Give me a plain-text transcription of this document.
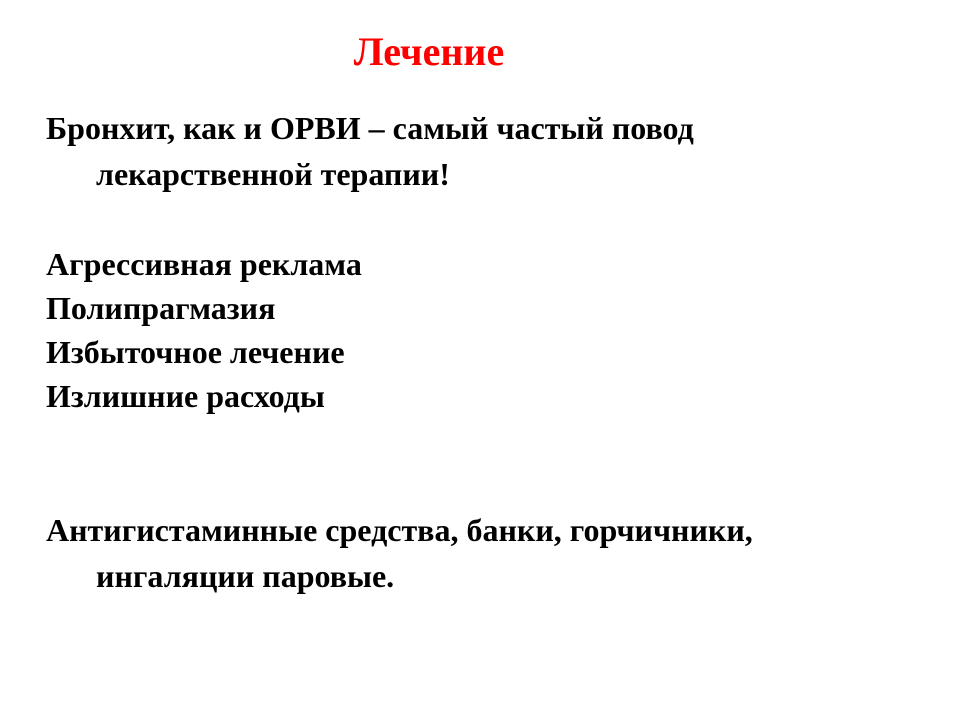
Лечение
Бронхит, как и ОРВИ – самый частый повод
лекарственной терапии!
Агрессивная реклама
Полипрагмазия
Избыточное лечение
Излишние расходы
Антигистаминные средства, банки, горчичники,
ингаляции паровые.
